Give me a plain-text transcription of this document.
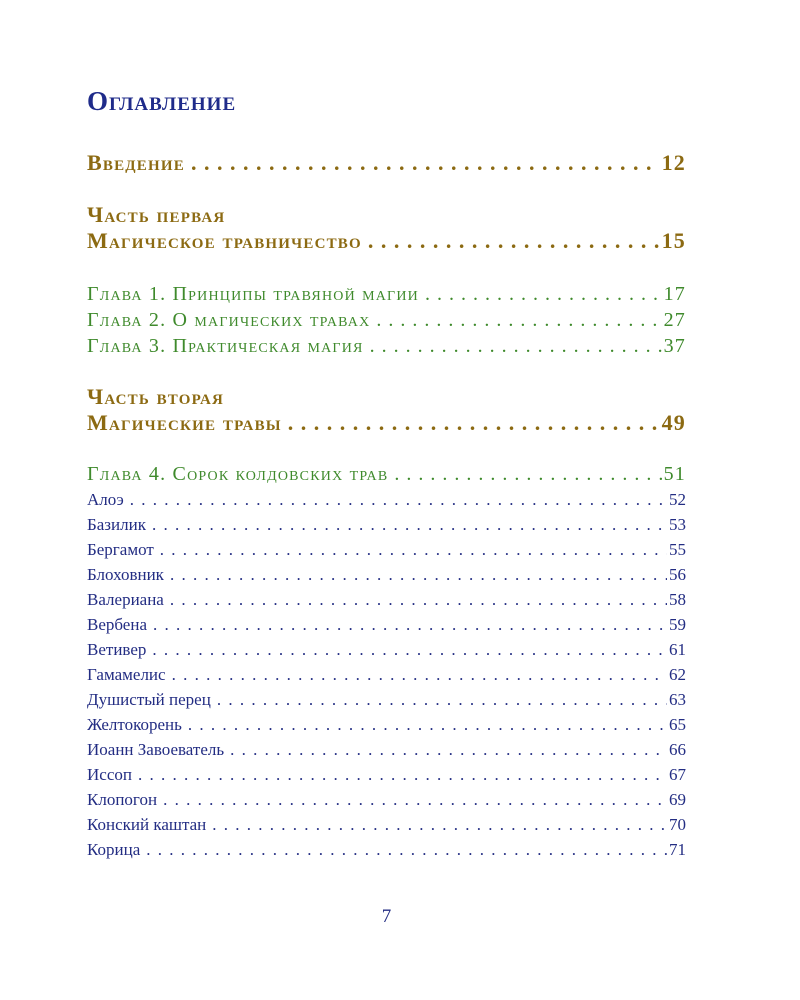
Оглавление
Введение . . .	12
Часть первая
Магическое травничество . . .	15
Глава 1. Принципы травяной магии . . .	17
Глава 2. О магических травах . . .	27
Глава 3. Практическая магия . . .	37
Часть вторая
Магические травы . . .	49
Глава 4. Сорок колдовских трав . . .	51
Алоэ . . .	52
Базилик . . .	53
Бергамот . . .	55
Блоховник . . .	56
Валериана . . .	58
Вербена . . .	59
Ветивер . . .	61
Гамамелис . . .	62
Душистый перец . . .	63
Желтокорень . . .	65
Иоанн Завоеватель . . .	66
Иссоп . . .	67
Клопогон . . .	69
Конский каштан . . .	70
Корица . . .	71
7
